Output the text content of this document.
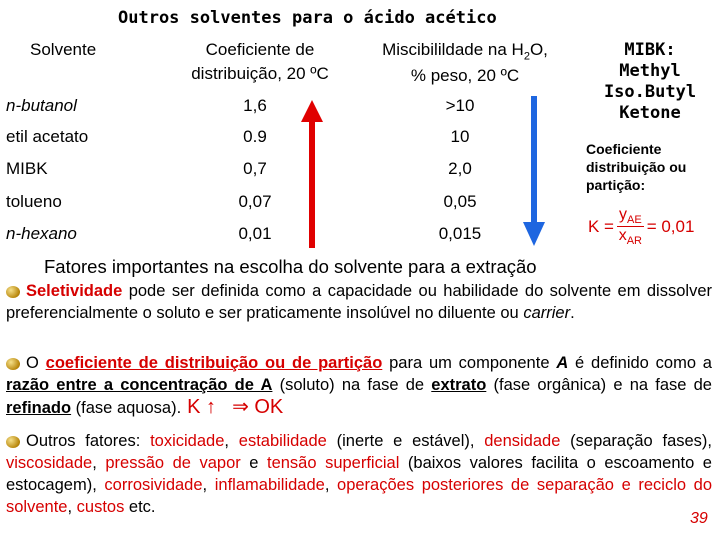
Outros solventes para o ácido acético
Solvente	Coeficiente de
distribuição, 20 ºC
Miscibilildade na $H_2O$,
% peso, 20 ºC
n-butanol	1,6	>10
etil acetato	0.9	10
MIBK	0,7	2,0
tolueno	0,07	0,05
n-hexano	0,01	0,015
MIBK:
Methyl
Iso.Butyl
Ketone
Coeficiente
distribuição ou
partição:
K =
$y_{AE}$
$x_{AR}$
= 0,01
Fatores importantes na escolha do solvente para a extração
Seletividade pode ser definida como a capacidade ou habilidade do solvente em dissolver preferencialmente o soluto e ser praticamente insolúvel no diluente ou carrier.
O coeficiente de distribuição ou de partição para um componente A é definido como a razão entre a concentração de A (soluto) na fase de extrato (fase orgânica) e na fase de refinado (fase aquosa). K ↑ ⇒ OK
Outros fatores: toxicidade, estabilidade (inerte e estável), densidade (separação fases), viscosidade, pressão de vapor e tensão superficial (baixos valores facilita o escoamento e estocagem), corrosividade, inflamabilidade, operações posteriores de separação e reciclo do solvente, custos etc.
39
